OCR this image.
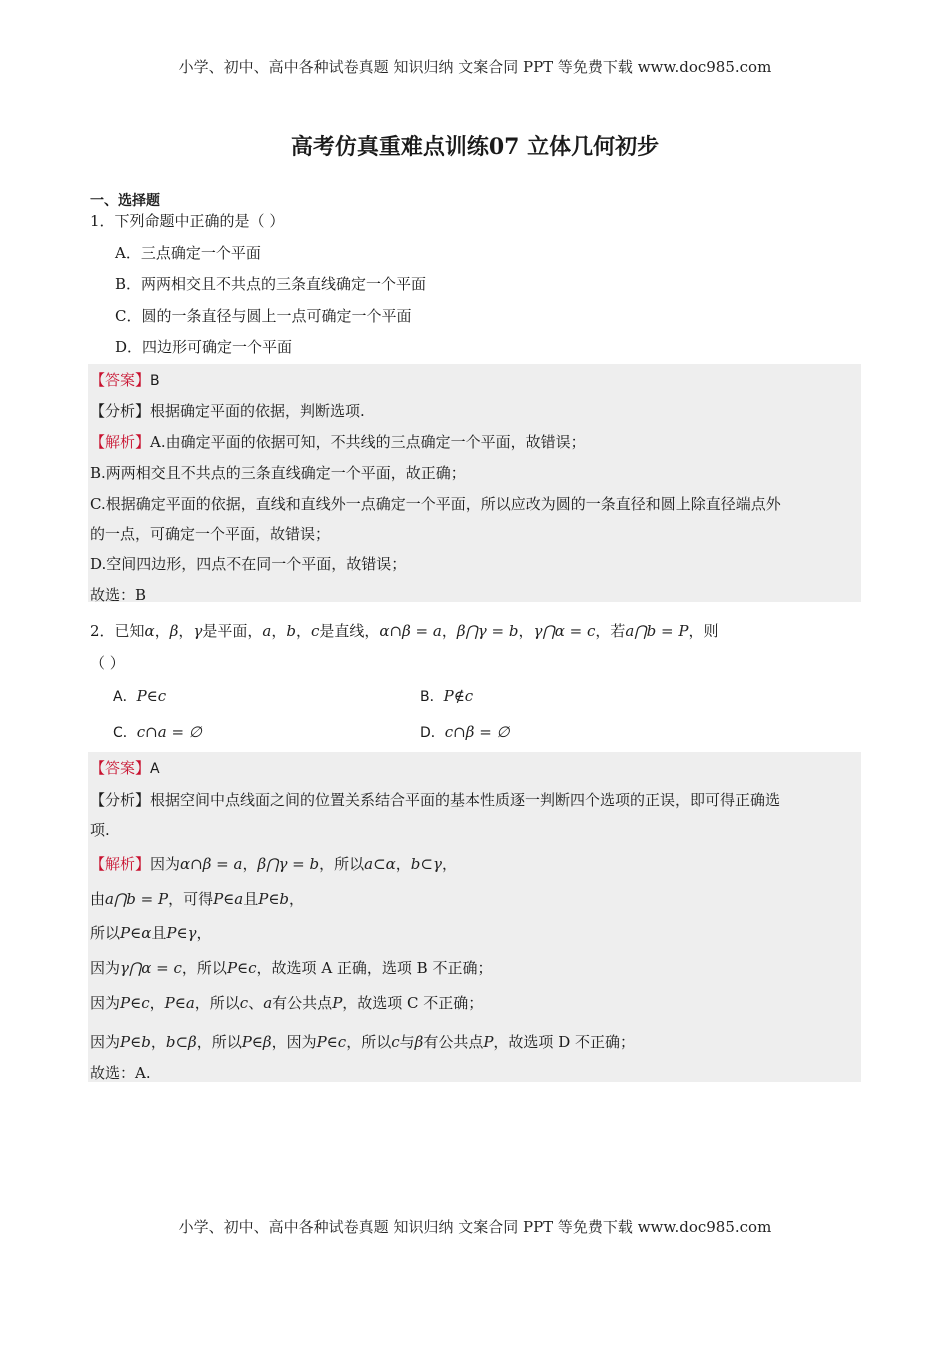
小学、初中、高中各种试卷真题 知识归纳 文案合同 PPT 等免费下载 www.doc985.com
高考仿真重难点训练07 立体几何初步
一、选择题
1．下列命题中正确的是（ ）
A．三点确定一个平面
B．两两相交且不共点的三条直线确定一个平面
C．圆的一条直径与圆上一点可确定一个平面
D．四边形可确定一个平面
【答案】B
【分析】根据确定平面的依据，判断选项.
【解析】A.由确定平面的依据可知，不共线的三点确定一个平面，故错误；
B.两两相交且不共点的三条直线确定一个平面，故正确；
C.根据确定平面的依据，直线和直线外一点确定一个平面，所以应改为圆的一条直径和圆上除直径端点外
的一点，可确定一个平面，故错误；
D.空间四边形，四点不在同一个平面，故错误；
故选：B
2．已知α，β，γ是平面，a，b，c是直线，α∩β = a，β⋂γ = b，γ⋂α = c，若a⋂b = P，则
（ ）
A．P∈c	B．P∉c
C．c∩a = ∅	D．c∩β = ∅
【答案】A
【分析】根据空间中点线面之间的位置关系结合平面的基本性质逐一判断四个选项的正误，即可得正确选
项.
【解析】因为α∩β = a，β⋂γ = b，所以a⊂α，b⊂γ，
由a⋂b = P，可得P∈a且P∈b，
所以P∈α且P∈γ，
因为γ⋂α = c，所以P∈c，故选项 A 正确，选项 B 不正确；
因为P∈c，P∈a，所以c、a有公共点P，故选项 C 不正确；
因为P∈b，b⊂β，所以P∈β，因为P∈c，所以c与β有公共点P，故选项 D 不正确；
故选：A.
小学、初中、高中各种试卷真题 知识归纳 文案合同 PPT 等免费下载 www.doc985.com
